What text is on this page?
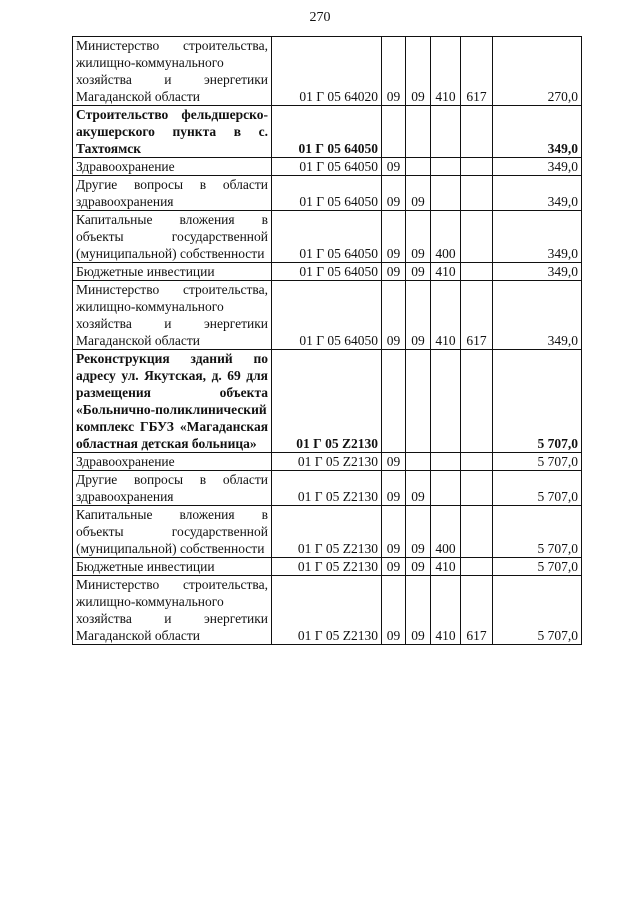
270
Министерство строительства, жилищно-коммунального хозяйства и энергетики Магаданской области	01 Г 05 64020	09	09	410	617	270,0
Строительство фельдшерско-акушерского пункта в с. Тахтоямск	01 Г 05 64050					349,0
Здравоохранение	01 Г 05 64050	09				349,0
Другие вопросы в области здравоохранения	01 Г 05 64050	09	09			349,0
Капитальные вложения в объекты государственной (муниципальной) собственности	01 Г 05 64050	09	09	400		349,0
Бюджетные инвестиции	01 Г 05 64050	09	09	410		349,0
Министерство строительства, жилищно-коммунального хозяйства и энергетики Магаданской области	01 Г 05 64050	09	09	410	617	349,0
Реконструкция зданий по адресу ул. Якутская, д. 69 для размещения объекта «Больнично-поликлинический комплекс ГБУЗ «Магаданская областная детская больница»	01 Г 05 Z2130					5 707,0
Здравоохранение	01 Г 05 Z2130	09				5 707,0
Другие вопросы в области здравоохранения	01 Г 05 Z2130	09	09			5 707,0
Капитальные вложения в объекты государственной (муниципальной) собственности	01 Г 05 Z2130	09	09	400		5 707,0
Бюджетные инвестиции	01 Г 05 Z2130	09	09	410		5 707,0
Министерство строительства, жилищно-коммунального хозяйства и энергетики Магаданской области	01 Г 05 Z2130	09	09	410	617	5 707,0
